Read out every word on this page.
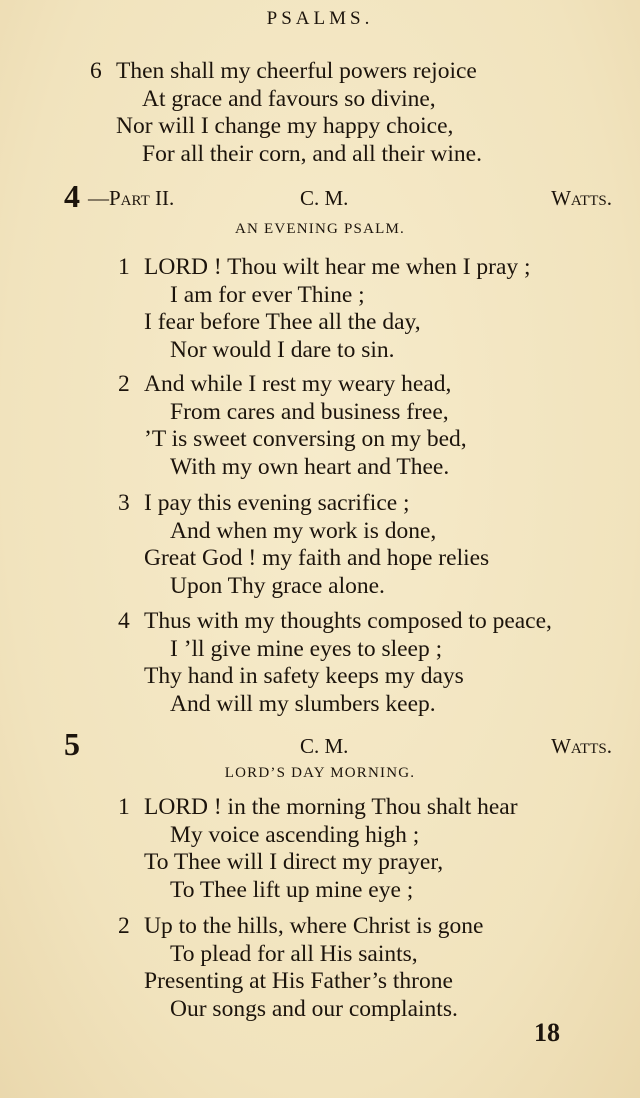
PSALMS.
6 Then shall my cheerful powers rejoice
At grace and favours so divine,
Nor will I change my happy choice,
For all their corn, and all their wine.
4 —Part II.	C. M.	Watts.
AN EVENING PSALM.
1 LORD ! Thou wilt hear me when I pray ;
I am for ever Thine ;
I fear before Thee all the day,
Nor would I dare to sin.
2 And while I rest my weary head,
From cares and business free,
’T is sweet conversing on my bed,
With my own heart and Thee.
3 I pay this evening sacrifice ;
And when my work is done,
Great God ! my faith and hope relies
Upon Thy grace alone.
4 Thus with my thoughts composed to peace,
I ’ll give mine eyes to sleep ;
Thy hand in safety keeps my days
And will my slumbers keep.
5	C. M.	Watts.
LORD’S DAY MORNING.
1 LORD ! in the morning Thou shalt hear
My voice ascending high ;
To Thee will I direct my prayer,
To Thee lift up mine eye ;
2 Up to the hills, where Christ is gone
To plead for all His saints,
Presenting at His Father’s throne
Our songs and our complaints.
18
